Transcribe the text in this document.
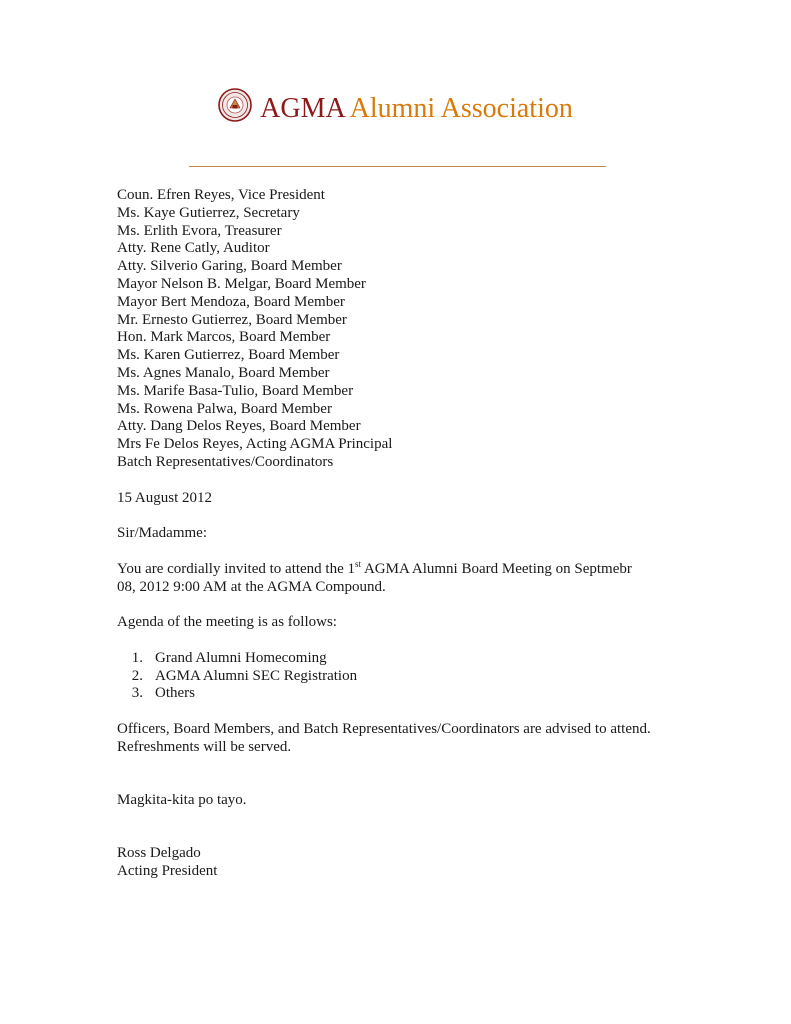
AGMA Alumni Association
Coun. Efren Reyes, Vice President
Ms. Kaye Gutierrez, Secretary
Ms. Erlith Evora, Treasurer
Atty. Rene Catly, Auditor
Atty. Silverio Garing, Board Member
Mayor Nelson B. Melgar, Board Member
Mayor Bert Mendoza, Board Member
Mr. Ernesto Gutierrez, Board Member
Hon. Mark Marcos, Board Member
Ms. Karen Gutierrez, Board Member
Ms. Agnes Manalo, Board Member
Ms. Marife Basa-Tulio, Board Member
Ms. Rowena Palwa, Board Member
Atty. Dang Delos Reyes, Board Member
Mrs Fe Delos Reyes, Acting AGMA Principal
Batch Representatives/Coordinators
15 August 2012
Sir/Madamme:
You are cordially invited to attend the 1st AGMA Alumni Board Meeting on Septmebr
08, 2012 9:00 AM at the AGMA Compound.
Agenda of the meeting is as follows:
1. Grand Alumni Homecoming
2. AGMA Alumni SEC Registration
3. Others
Officers, Board Members, and Batch Representatives/Coordinators are advised to attend.
Refreshments will be served.
Magkita-kita po tayo.
Ross Delgado
Acting President
